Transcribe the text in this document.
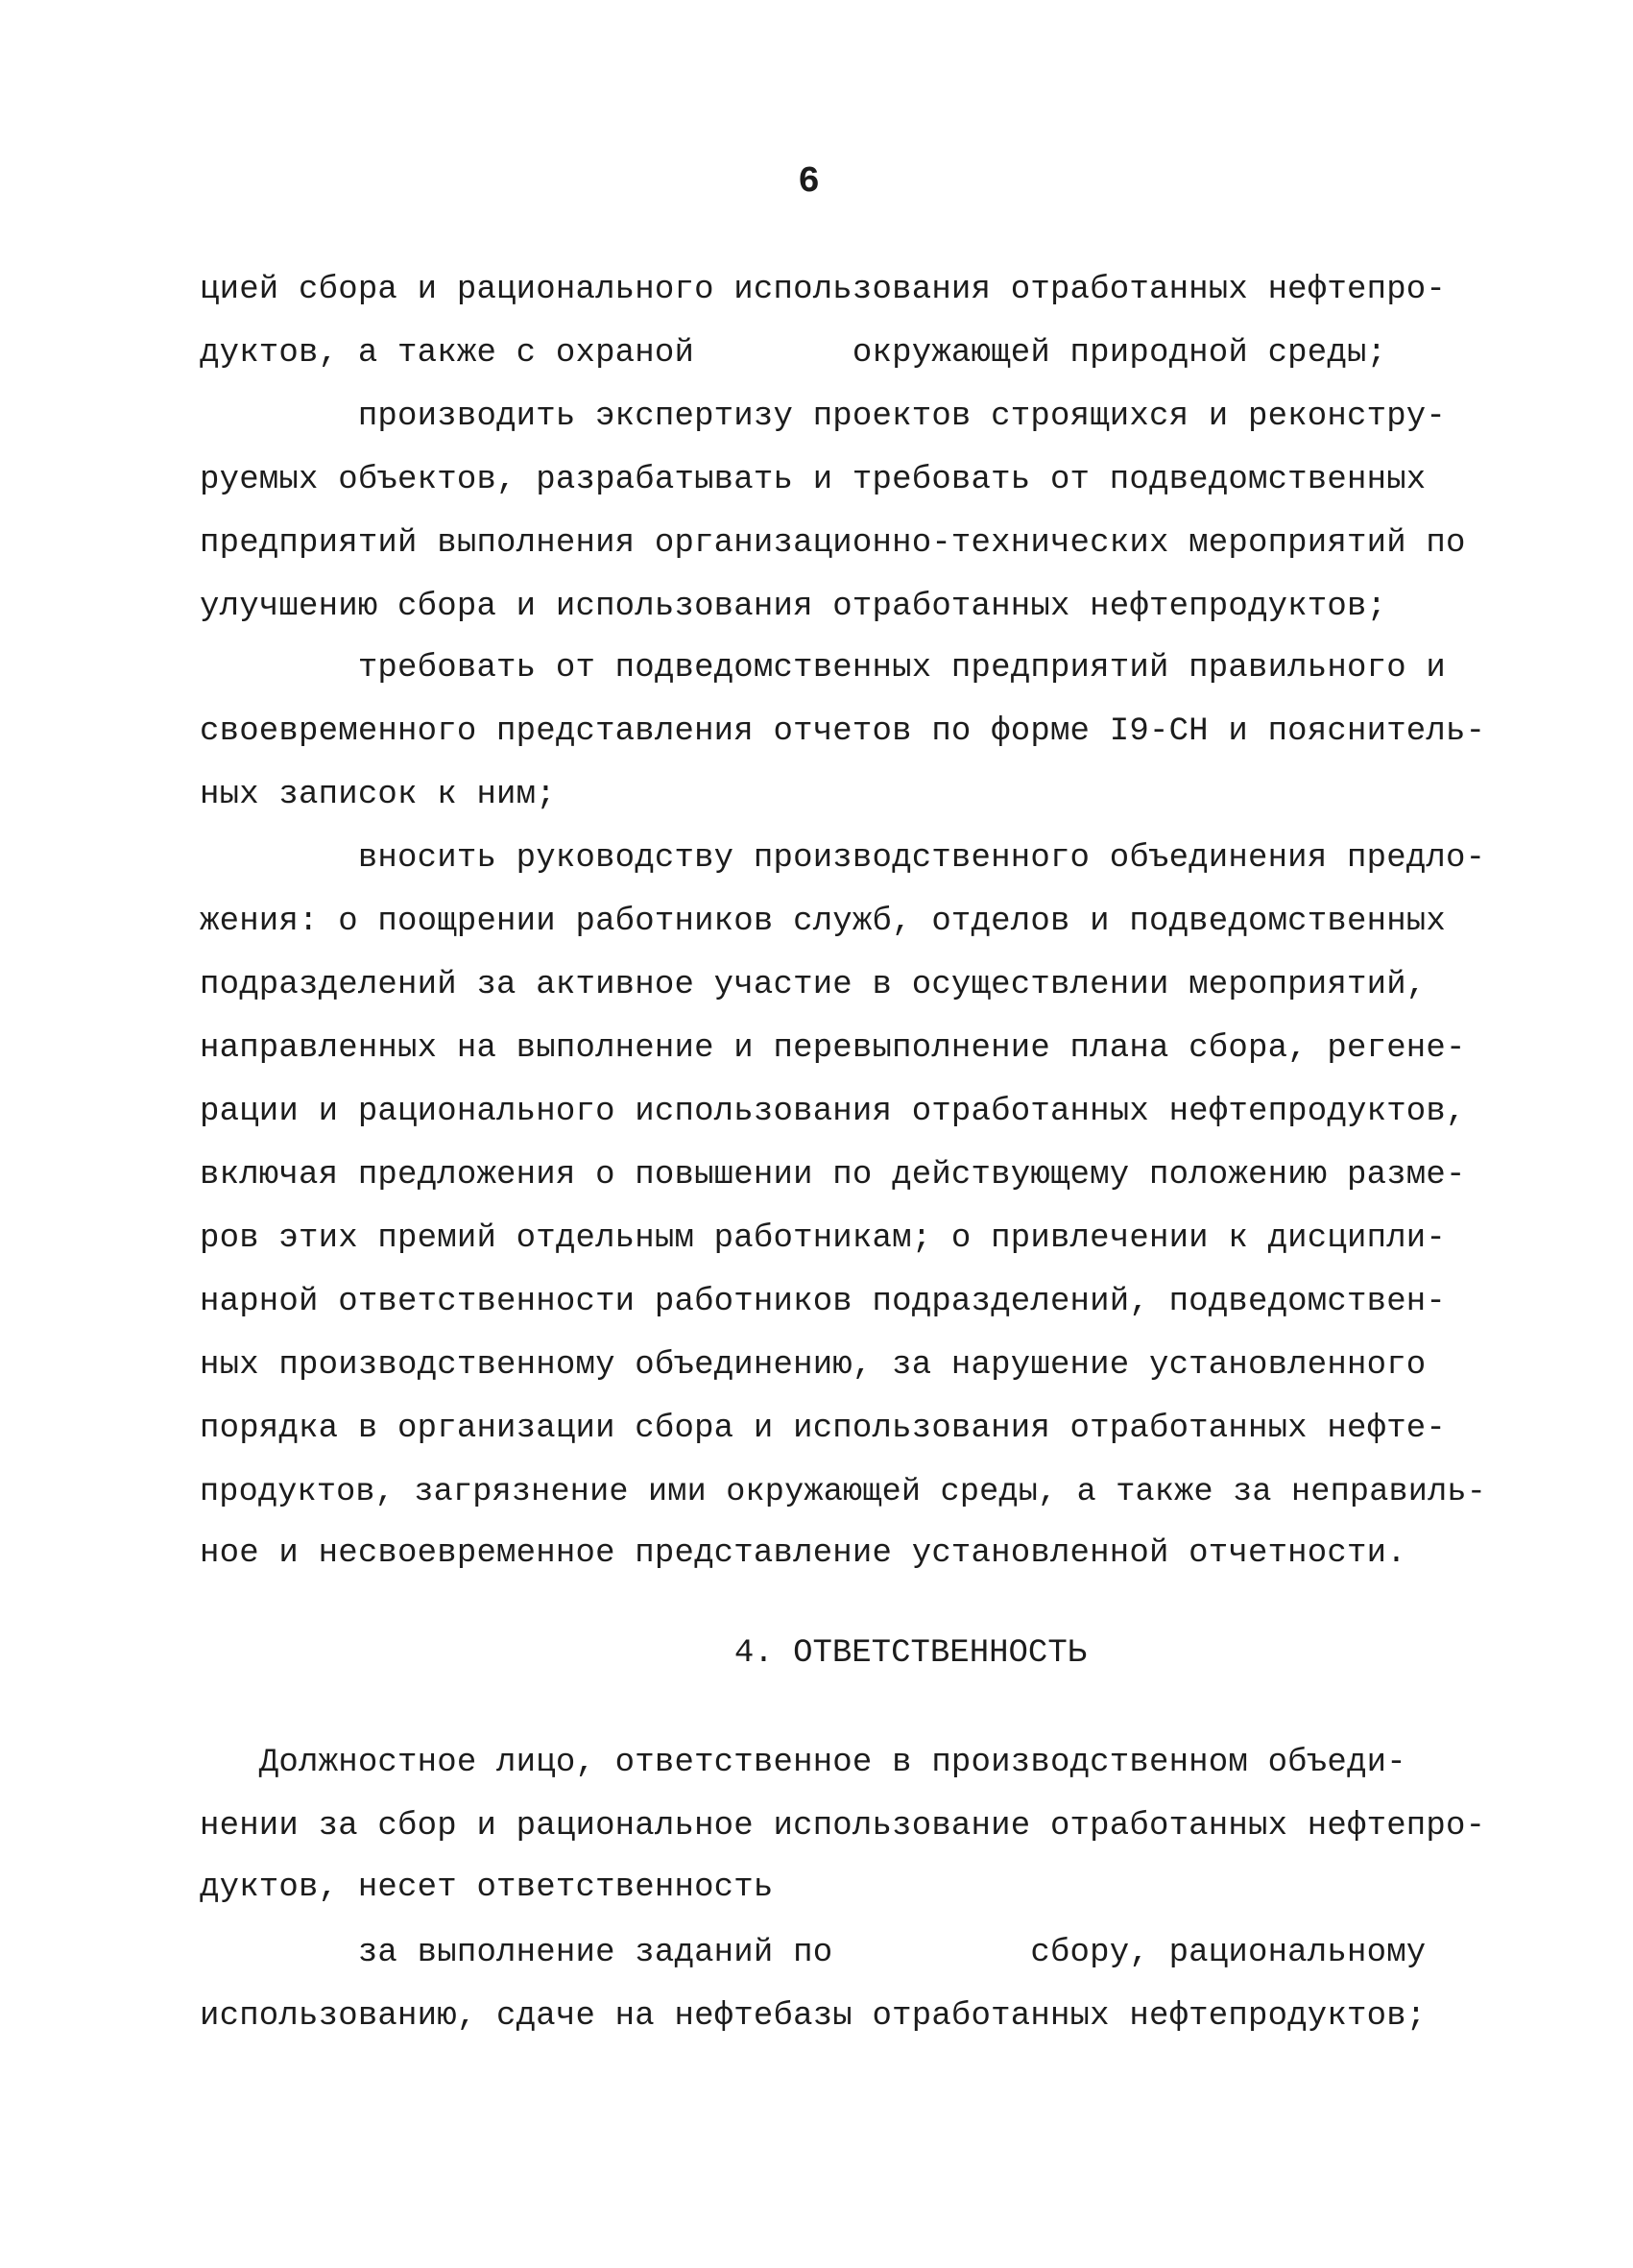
6

цией сбора и рационального использования отработанных нефтепро-

дуктов, а также с охраной        окружающей природной среды;

производить экспертизу проектов строящихся и реконстру-

руемых объектов, разрабатывать и требовать от подведомственных

предприятий выполнения организационно-технических мероприятий по

улучшению сбора и использования отработанных нефтепродуктов;

требовать от подведомственных предприятий правильного и

своевременного представления отчетов по форме I9-СН и пояснитель-

ных записок к ним;

вносить руководству производственного объединения предло-

жения: о поощрении работников служб, отделов и подведомственных

подразделений за активное участие в осуществлении мероприятий,

направленных на выполнение и перевыполнение плана сбора, регене-

рации и рационального использования отработанных нефтепродуктов,

включая предложения о повышении по действующему положению разме-

ров этих премий отдельным работникам; о привлечении к дисципли-

нарной ответственности работников подразделений, подведомствен-

ных производственному объединению, за нарушение установленного

порядка в организации сбора и использования отработанных нефте-

продуктов, загрязнение ими окружающей среды, а также за неправиль-

ное и несвоевременное представление установленной отчетности.

4. ОТВЕТСТВЕННОСТЬ

Должностное лицо, ответственное в производственном объеди-

нении за сбор и рациональное использование отработанных нефтепро-

дуктов, несет ответственность

за выполнение заданий по          сбору, рациональному

использованию, сдаче на нефтебазы отработанных нефтепродуктов;
